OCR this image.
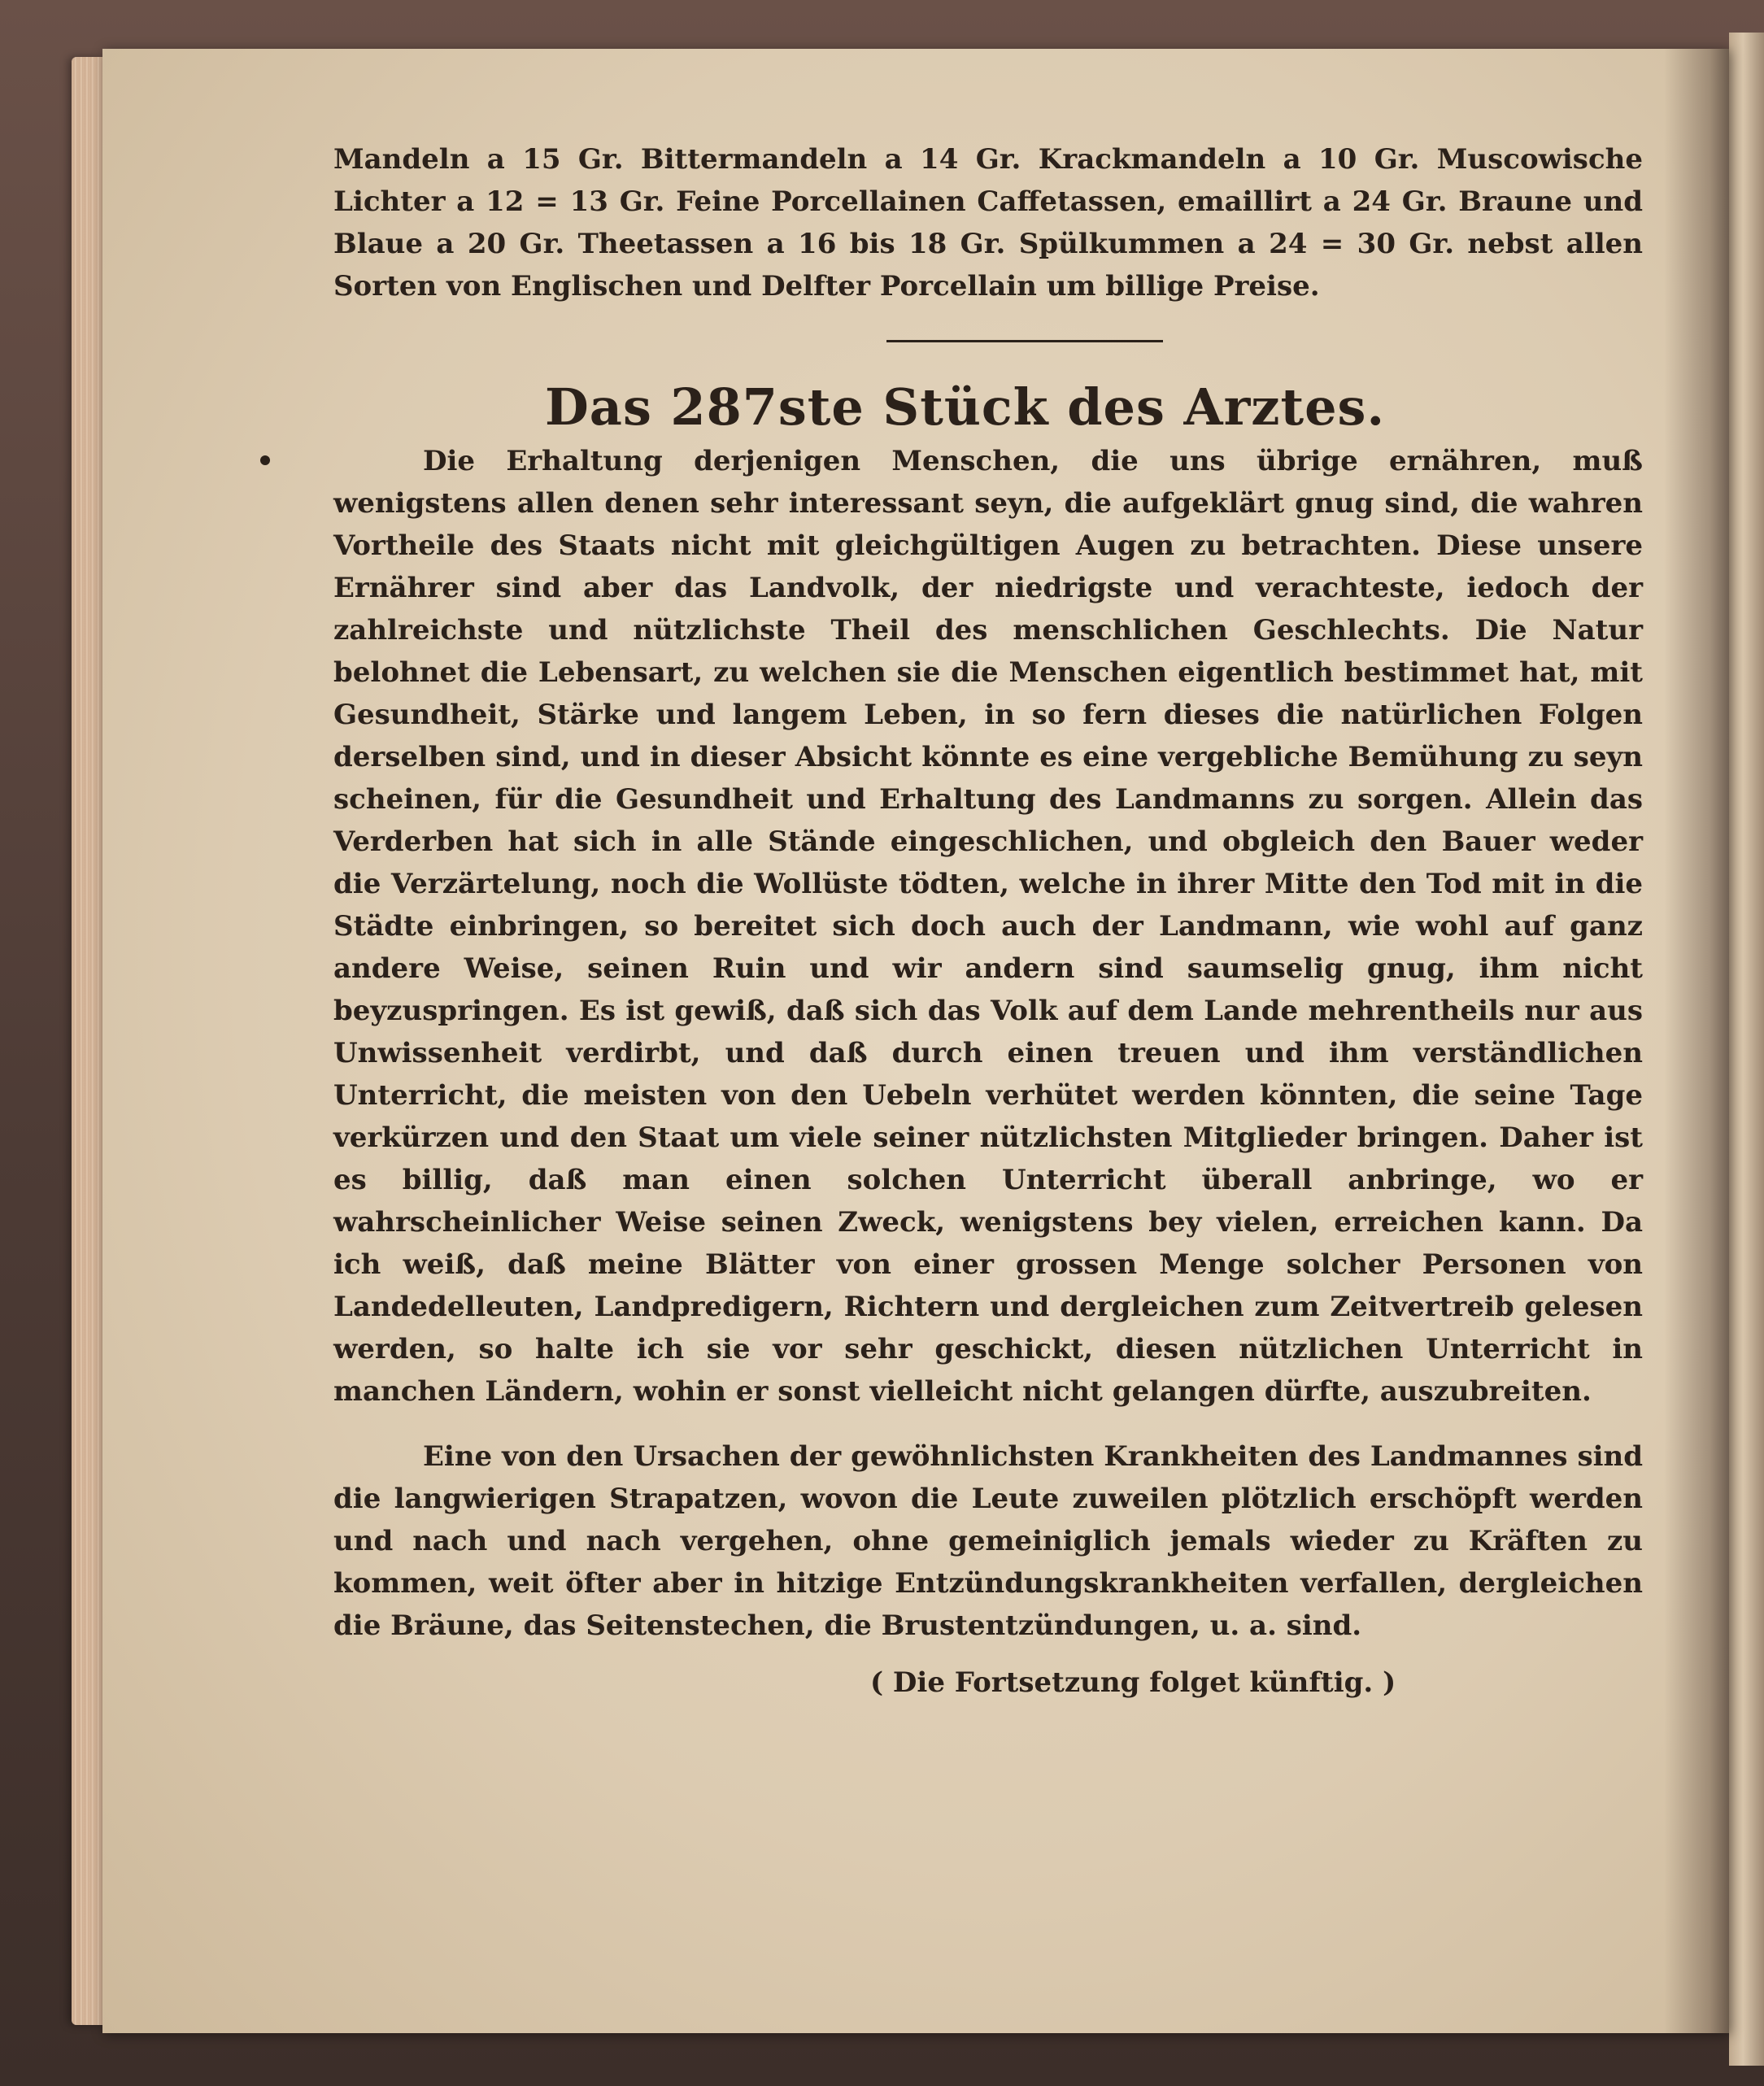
Mandeln a 15 Gr. Bittermandeln a 14 Gr. Krackmandeln a 10 Gr. Muscowische Lichter a 12 = 13 Gr. Feine Porcellainen Caffetassen, emaillirt a 24 Gr. Braune und Blaue a 20 Gr. Theetassen a 16 bis 18 Gr. Spülkummen a 24 = 30 Gr. nebst allen Sorten von Englischen und Delfter Porcellain um billige Preise.

Das 287ste Stück des Arztes.

Die Erhaltung derjenigen Menschen, die uns übrige ernähren, muß wenigstens allen denen sehr interessant seyn, die aufgeklärt gnug sind, die wahren Vortheile des Staats nicht mit gleichgültigen Augen zu betrachten. Diese unsere Ernährer sind aber das Landvolk, der niedrigste und verachteste, iedoch der zahlreichste und nützlichste Theil des menschlichen Geschlechts. Die Natur belohnet die Lebensart, zu welchen sie die Menschen eigentlich bestimmet hat, mit Gesundheit, Stärke und langem Leben, in so fern dieses die natürlichen Folgen derselben sind, und in dieser Absicht könnte es eine vergebliche Bemühung zu seyn scheinen, für die Gesundheit und Erhaltung des Landmanns zu sorgen. Allein das Verderben hat sich in alle Stände eingeschlichen, und obgleich den Bauer weder die Verzärtelung, noch die Wollüste tödten, welche in ihrer Mitte den Tod mit in die Städte einbringen, so bereitet sich doch auch der Landmann, wie wohl auf ganz andere Weise, seinen Ruin und wir andern sind saumselig gnug, ihm nicht beyzuspringen. Es ist gewiß, daß sich das Volk auf dem Lande mehrentheils nur aus Unwissenheit verdirbt, und daß durch einen treuen und ihm verständlichen Unterricht, die meisten von den Uebeln verhütet werden könnten, die seine Tage verkürzen und den Staat um viele seiner nützlichsten Mitglieder bringen. Daher ist es billig, daß man einen solchen Unterricht überall anbringe, wo er wahrscheinlicher Weise seinen Zweck, wenigstens bey vielen, erreichen kann. Da ich weiß, daß meine Blätter von einer grossen Menge solcher Personen von Landedelleuten, Landpredigern, Richtern und dergleichen zum Zeitvertreib gelesen werden, so halte ich sie vor sehr geschickt, diesen nützlichen Unterricht in manchen Ländern, wohin er sonst vielleicht nicht gelangen dürfte, auszubreiten.

Eine von den Ursachen der gewöhnlichsten Krankheiten des Landmannes sind die langwierigen Strapatzen, wovon die Leute zuweilen plötzlich erschöpft werden und nach und nach vergehen, ohne gemeiniglich jemals wieder zu Kräften zu kommen, weit öfter aber in hitzige Entzündungskrankheiten verfallen, dergleichen die Bräune, das Seitenstechen, die Brustentzündungen, u. a. sind.

( Die Fortsetzung folget künftig. )
